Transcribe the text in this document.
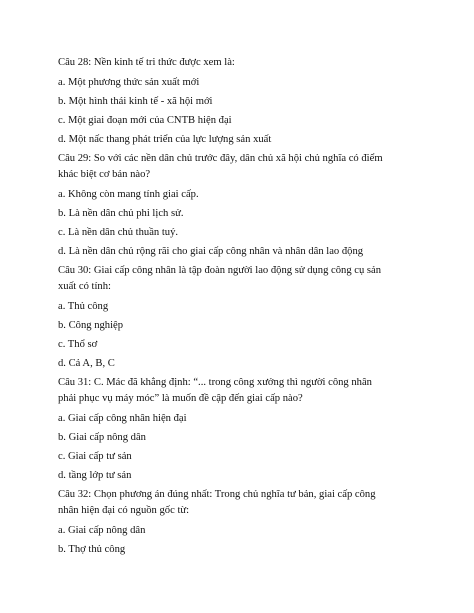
Câu 28: Nền kinh tế tri thức được xem là:
a. Một phương thức sản xuất mới
b. Một hình thái kinh tế - xã hội mới
c. Một giai đoạn mới của CNTB hiện đại
d. Một nấc thang phát triển của lực lượng sản xuất
Câu 29: So với các nền dân chủ trước đây, dân chủ xã hội chủ nghĩa có điểm
khác biệt cơ bản nào?
a. Không còn mang tính giai cấp.
b. Là nền dân chủ phi lịch sử.
c. Là nền dân chủ thuần tuý.
d. Là nền dân chủ rộng rãi cho giai cấp công nhân và nhân dân lao động
Câu 30: Giai cấp công nhân là tập đoàn người lao động sử dụng công cụ sản
xuất có tính:
a. Thủ công
b. Công nghiệp
c. Thổ sơ
d. Cả A, B, C
Câu 31: C. Mác đã khẳng định: “... trong công xưởng thì người công nhân
phải phục vụ máy móc” là muốn đề cập đến giai cấp nào?
a. Giai cấp công nhân hiện đại
b. Giai cấp nông dân
c. Giai cấp tư sản
d. tầng lớp tư sản
Câu 32: Chọn phương án đúng nhất: Trong chủ nghĩa tư bản, giai cấp công
nhân hiện đại có nguồn gốc từ:
a. Giai cấp nông dân
b. Thợ thủ công
